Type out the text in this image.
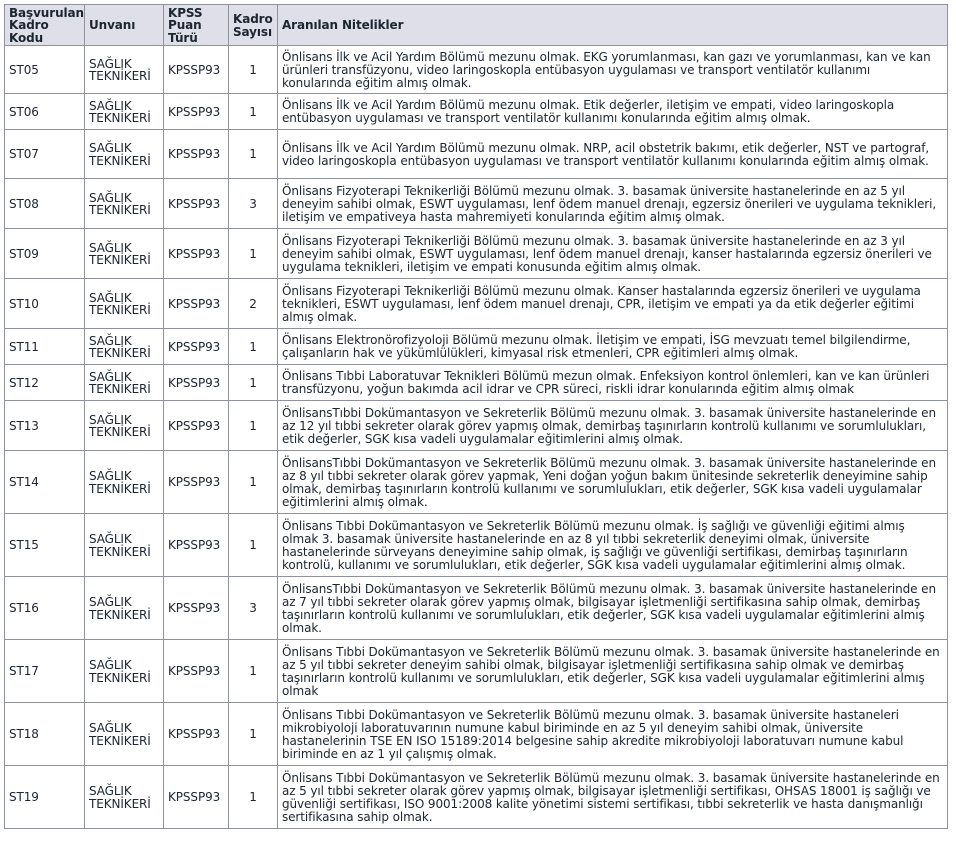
Başvurulan Kadro Kodu	Unvanı	KPSS Puan Türü	Kadro Sayısı	Aranılan Nitelikler
ST05	SAĞLIK TEKNİKERİ	KPSSP93	1	Önlisans İlk ve Acil Yardım Bölümü mezunu olmak. EKG yorumlanması, kan gazı ve yorumlanması, kan ve kan ürünleri transfüzyonu, video laringoskopla entübasyon uygulaması ve transport ventilatör kullanımı konularında eğitim almış olmak.
ST06	SAĞLIK TEKNİKERİ	KPSSP93	1	Önlisans İlk ve Acil Yardım Bölümü mezunu olmak. Etik değerler, iletişim ve empati, video laringoskopla entübasyon uygulaması ve transport ventilatör kullanımı konularında eğitim almış olmak.
ST07	SAĞLIK TEKNİKERİ	KPSSP93	1	Önlisans İlk ve Acil Yardım Bölümü mezunu olmak. NRP, acil obstetrik bakımı, etik değerler, NST ve partograf, video laringoskopla entübasyon uygulaması ve transport ventilatör kullanımı konularında eğitim almış olmak.
ST08	SAĞLIK TEKNİKERİ	KPSSP93	3	Önlisans Fizyoterapi Teknikerliği Bölümü mezunu olmak. 3. basamak üniversite hastanelerinde en az 5 yıl deneyim sahibi olmak, ESWT uygulaması, lenf ödem manuel drenajı, egzersiz önerileri ve uygulama teknikleri, iletişim ve empativeya hasta mahremiyeti konularında eğitim almış olmak.
ST09	SAĞLIK TEKNİKERİ	KPSSP93	1	Önlisans Fizyoterapi Teknikerliği Bölümü mezunu olmak. 3. basamak üniversite hastanelerinde en az 3 yıl deneyim sahibi olmak, ESWT uygulaması, lenf ödem manuel drenajı, kanser hastalarında egzersiz önerileri ve uygulama teknikleri, iletişim ve empati konusunda eğitim almış olmak.
ST10	SAĞLIK TEKNİKERİ	KPSSP93	2	Önlisans Fizyoterapi Teknikerliği Bölümü mezunu olmak. Kanser hastalarında egzersiz önerileri ve uygulama teknikleri, ESWT uygulaması, lenf ödem manuel drenajı, CPR, iletişim ve empati ya da etik değerler eğitimi almış olmak.
ST11	SAĞLIK TEKNİKERİ	KPSSP93	1	Önlisans Elektronörofizyoloji Bölümü mezunu olmak. İletişim ve empati, İSG mevzuatı temel bilgilendirme, çalışanların hak ve yükümlülükleri, kimyasal risk etmenleri, CPR eğitimleri almış olmak.
ST12	SAĞLIK TEKNİKERİ	KPSSP93	1	Önlisans Tıbbi Laboratuvar Teknikleri Bölümü mezun olmak. Enfeksiyon kontrol önlemleri, kan ve kan ürünleri transfüzyonu, yoğun bakımda acil idrar ve CPR süreci, riskli idrar konularında eğitim almış olmak
ST13	SAĞLIK TEKNİKERİ	KPSSP93	1	ÖnlisansTıbbi Dokümantasyon ve Sekreterlik Bölümü mezunu olmak. 3. basamak üniversite hastanelerinde en az 12 yıl tıbbi sekreter olarak görev yapmış olmak, demirbaş taşınırların kontrolü kullanımı ve sorumlulukları, etik değerler, SGK kısa vadeli uygulamalar eğitimlerini almış olmak.
ST14	SAĞLIK TEKNİKERİ	KPSSP93	1	ÖnlisansTıbbi Dokümantasyon ve Sekreterlik Bölümü mezunu olmak. 3. basamak üniversite hastanelerinde en az 8 yıl tıbbi sekreter olarak görev yapmak, Yeni doğan yoğun bakım ünitesinde sekreterlik deneyimine sahip olmak, demirbaş taşınırların kontrolü kullanımı ve sorumlulukları, etik değerler, SGK kısa vadeli uygulamalar eğitimlerini almış olmak.
ST15	SAĞLIK TEKNİKERİ	KPSSP93	1	Önlisans Tıbbi Dokümantasyon ve Sekreterlik Bölümü mezunu olmak. İş sağlığı ve güvenliği eğitimi almış olmak 3. basamak üniversite hastanelerinde en az 8 yıl tıbbi sekreterlik deneyimi olmak, üniversite hastanelerinde sürveyans deneyimine sahip olmak, iş sağlığı ve güvenliği sertifikası, demirbaş taşınırların kontrolü, kullanımı ve sorumlulukları, etik değerler, SGK kısa vadeli uygulamalar eğitimlerini almış olmak.
ST16	SAĞLIK TEKNİKERİ	KPSSP93	3	ÖnlisansTıbbi Dokümantasyon ve Sekreterlik Bölümü mezunu olmak. 3. basamak üniversite hastanelerinde en az 7 yıl tıbbi sekreter olarak görev yapmış olmak, bilgisayar işletmenliği sertifikasına sahip olmak, demirbaş taşınırların kontrolü kullanımı ve sorumlulukları, etik değerler, SGK kısa vadeli uygulamalar eğitimlerini almış olmak.
ST17	SAĞLIK TEKNİKERİ	KPSSP93	1	Önlisans Tıbbi Dokümantasyon ve Sekreterlik Bölümü mezunu olmak. 3. basamak üniversite hastanelerinde en az 5 yıl tıbbi sekreter deneyim sahibi olmak, bilgisayar işletmenliği sertifikasına sahip olmak ve demirbaş taşınırların kontrolü kullanımı ve sorumlulukları, etik değerler, SGK kısa vadeli uygulamalar eğitimlerini almış olmak
ST18	SAĞLIK TEKNİKERİ	KPSSP93	1	Önlisans Tıbbi Dokümantasyon ve Sekreterlik Bölümü mezunu olmak. 3. basamak üniversite hastaneleri mikrobiyoloji laboratuvarının numune kabul biriminde en az 5 yıl deneyim sahibi olmak, üniversite hastanelerinin TSE EN ISO 15189:2014 belgesine sahip akredite mikrobiyoloji laboratuvarı numune kabul biriminde en az 1 yıl çalışmış olmak.
ST19	SAĞLIK TEKNİKERİ	KPSSP93	1	Önlisans Tıbbi Dokümantasyon ve Sekreterlik Bölümü mezunu olmak. 3. basamak üniversite hastanelerinde en az 5 yıl tıbbi sekreter olarak görev yapmış olmak, bilgisayar işletmenliği sertifikası, OHSAS 18001 iş sağlığı ve güvenliği sertifikası, ISO 9001:2008 kalite yönetimi sistemi sertifikası, tıbbi sekreterlik ve hasta danışmanlığı sertifikasına sahip olmak.
